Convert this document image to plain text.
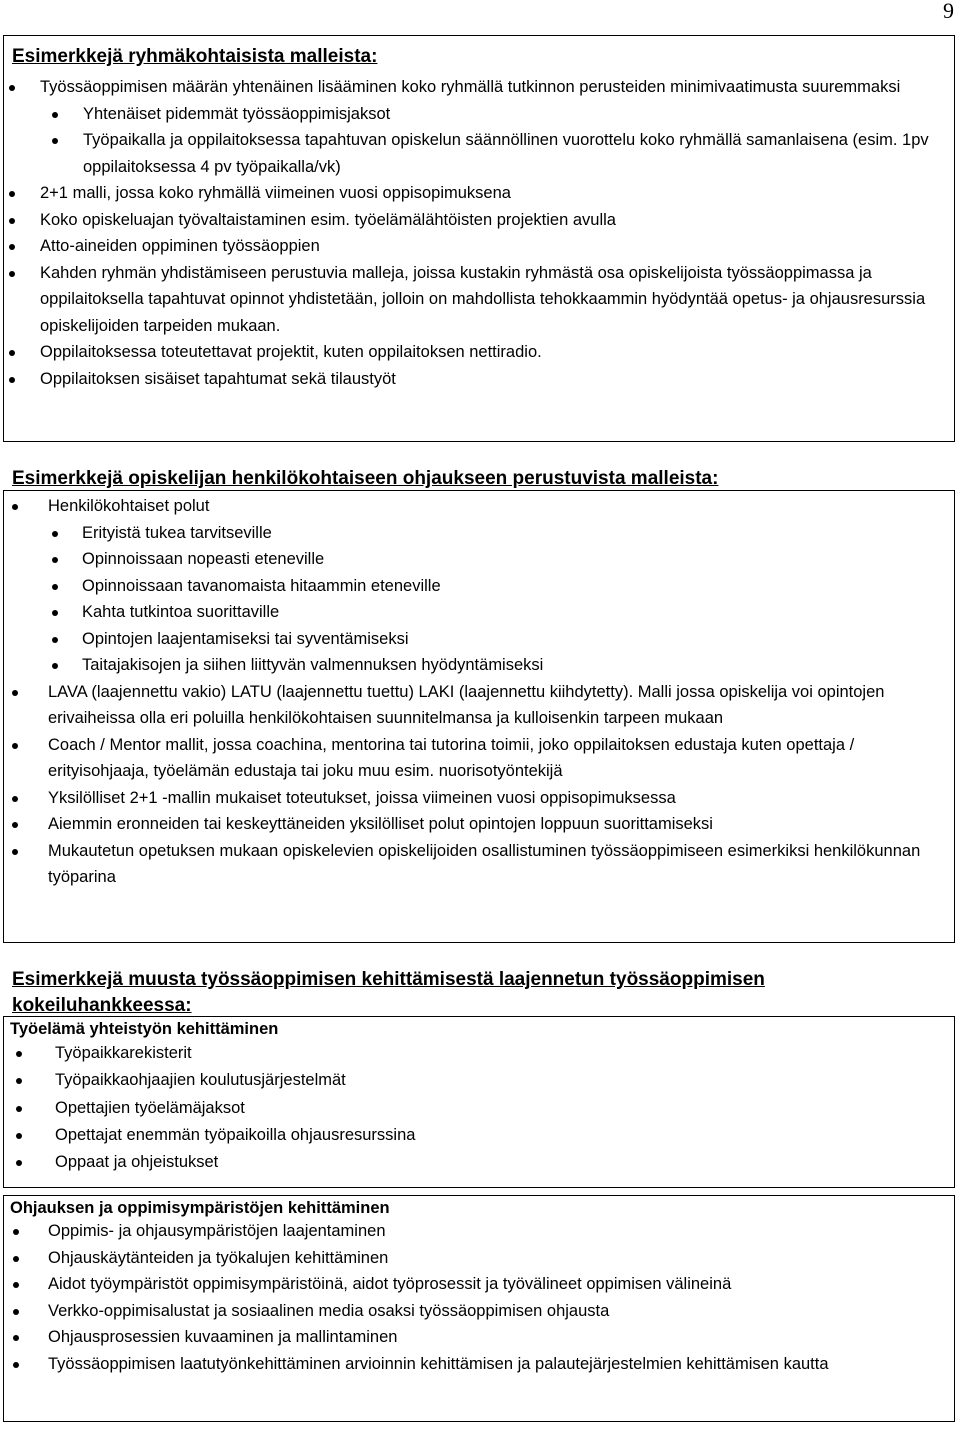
9
Esimerkkejä ryhmäkohtaisista malleista:
Työssäoppimisen määrän yhtenäinen lisääminen koko ryhmällä tutkinnon perusteiden minimivaatimusta suuremmaksi
Yhtenäiset pidemmät työssäoppimisjaksot
Työpaikalla ja oppilaitoksessa tapahtuvan opiskelun säännöllinen vuorottelu koko ryhmällä samanlaisena (esim. 1pv oppilaitoksessa 4 pv työpaikalla/vk)
2+1 malli, jossa koko ryhmällä viimeinen vuosi oppisopimuksena
Koko opiskeluajan työvaltaistaminen esim. työelämälähtöisten projektien avulla
Atto-aineiden oppiminen työssäoppien
Kahden ryhmän yhdistämiseen perustuvia malleja, joissa kustakin ryhmästä osa opiskelijoista työssäoppimassa ja oppilaitoksella tapahtuvat opinnot yhdistetään, jolloin on mahdollista tehokkaammin hyödyntää opetus- ja ohjausresurssia opiskelijoiden tarpeiden mukaan.
Oppilaitoksessa toteutettavat projektit, kuten oppilaitoksen nettiradio.
Oppilaitoksen sisäiset tapahtumat sekä tilaustyöt
Esimerkkejä opiskelijan henkilökohtaiseen ohjaukseen perustuvista malleista:
Henkilökohtaiset polut
Erityistä tukea tarvitseville
Opinnoissaan nopeasti eteneville
Opinnoissaan tavanomaista hitaammin eteneville
Kahta tutkintoa suorittaville
Opintojen laajentamiseksi tai syventämiseksi
Taitajakisojen ja siihen liittyvän valmennuksen hyödyntämiseksi
LAVA (laajennettu vakio) LATU (laajennettu tuettu) LAKI (laajennettu kiihdytetty). Malli jossa opiskelija voi opintojen erivaiheissa olla eri poluilla henkilökohtaisen suunnitelmansa ja kulloisenkin tarpeen mukaan
Coach / Mentor mallit, jossa coachina, mentorina tai tutorina toimii, joko oppilaitoksen edustaja kuten opettaja / erityisohjaaja, työelämän edustaja tai joku muu esim. nuorisotyöntekijä
Yksilölliset 2+1 -mallin mukaiset toteutukset, joissa viimeinen vuosi oppisopimuksessa
Aiemmin eronneiden tai keskeyttäneiden yksilölliset polut opintojen loppuun suorittamiseksi
Mukautetun opetuksen mukaan opiskelevien opiskelijoiden osallistuminen työssäoppimiseen esimerkiksi henkilökunnan työparina
Esimerkkejä muusta työssäoppimisen kehittämisestä laajennetun työssäoppimisen kokeiluhankkeessa:
Työelämä yhteistyön kehittäminen
Työpaikkarekisterit
Työpaikkaohjaajien koulutusjärjestelmät
Opettajien työelämäjaksot
Opettajat enemmän työpaikoilla ohjausresurssina
Oppaat ja ohjeistukset
Ohjauksen ja oppimisympäristöjen kehittäminen
Oppimis- ja ohjausympäristöjen laajentaminen
Ohjauskäytänteiden ja työkalujen kehittäminen
Aidot työympäristöt oppimisympäristöinä, aidot työprosessit ja työvälineet oppimisen välineinä
Verkko-oppimisalustat ja sosiaalinen media osaksi työssäoppimisen ohjausta
Ohjausprosessien kuvaaminen ja mallintaminen
Työssäoppimisen laatutyönkehittäminen arvioinnin kehittämisen ja palautejärjestelmien kehittämisen kautta
